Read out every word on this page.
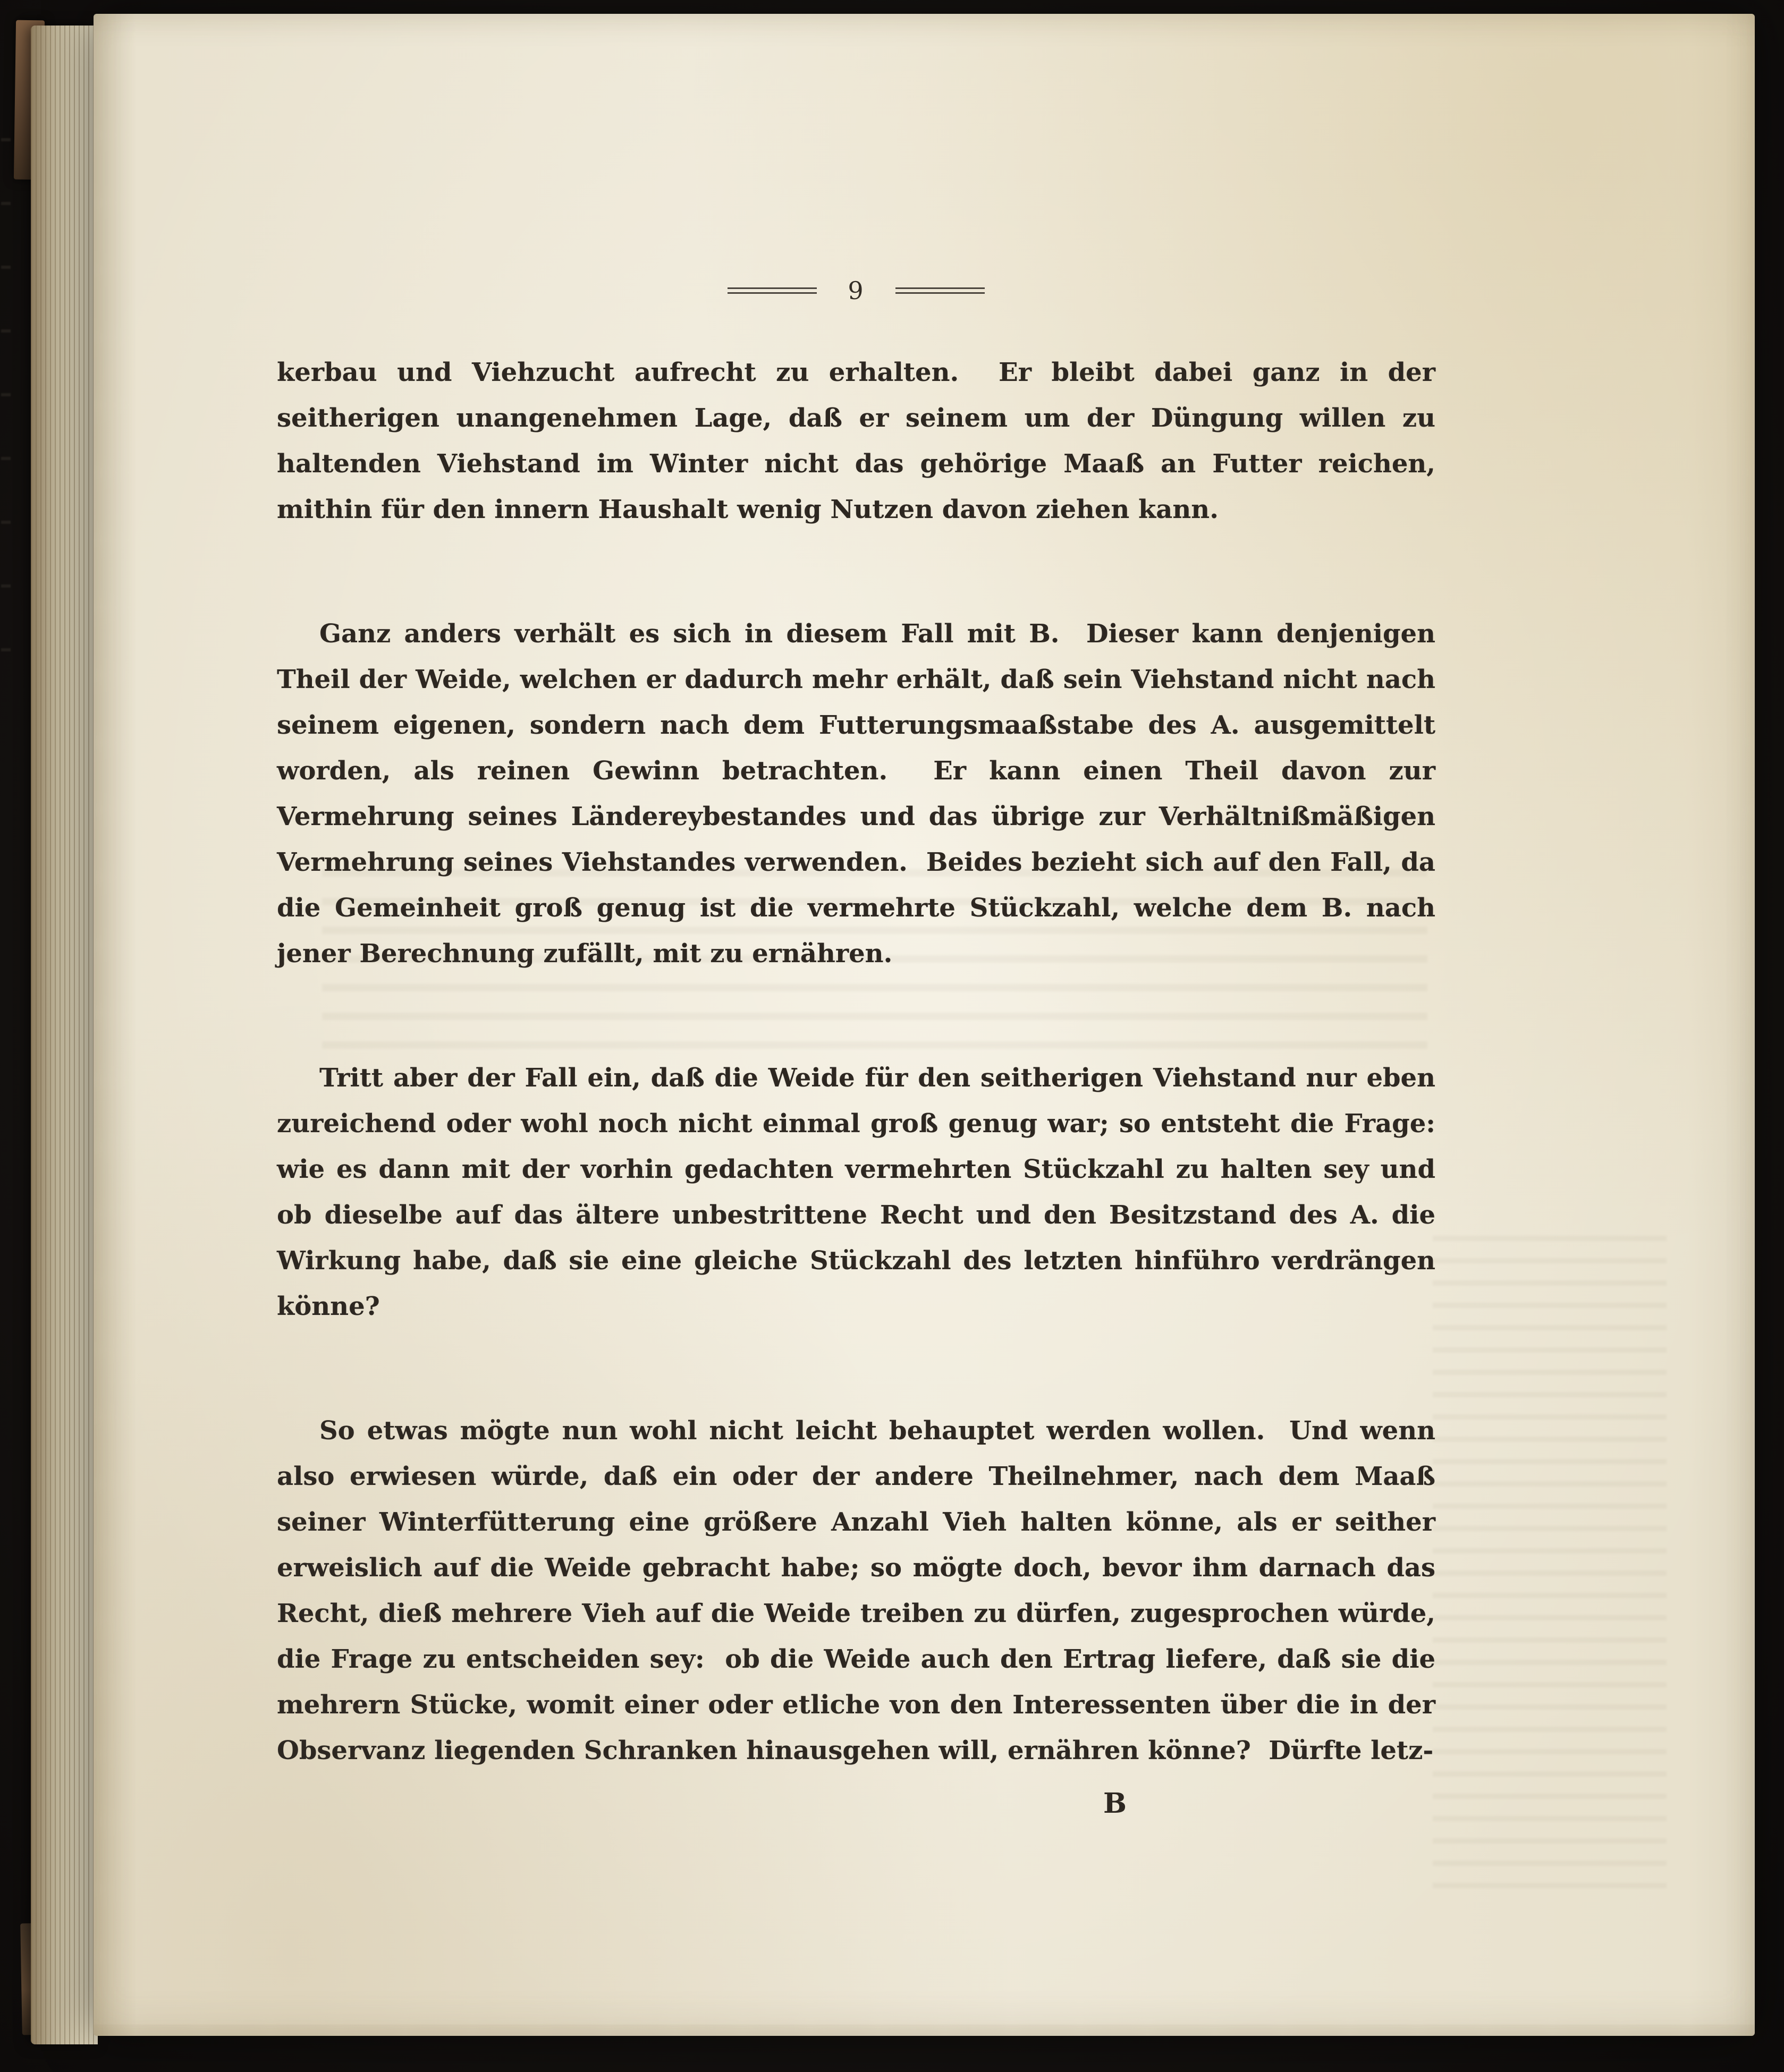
9

kerbau und Viehzucht aufrecht zu erhalten.  Er bleibt dabei ganz in der seitherigen unangenehmen Lage, daß er seinem um der Düngung willen zu haltenden Viehstand im Winter nicht das gehörige Maaß an Futter reichen, mithin für den innern Haushalt wenig Nutzen davon ziehen kann.

Ganz anders verhält es sich in diesem Fall mit B.  Dieser kann denjenigen Theil der Weide, welchen er dadurch mehr erhält, daß sein Viehstand nicht nach seinem eigenen, sondern nach dem Futterungsmaaßstabe des A. ausgemittelt worden, als reinen Gewinn betrachten.  Er kann einen Theil davon zur Vermehrung seines Ländereybestandes und das übrige zur Verhältnißmäßigen Vermehrung seines Viehstandes verwenden.  Beides bezieht sich auf den Fall, da die Gemeinheit groß genug ist die vermehrte Stückzahl, welche dem B. nach jener Berechnung zufällt, mit zu ernähren.

Tritt aber der Fall ein, daß die Weide für den seitherigen Viehstand nur eben zureichend oder wohl noch nicht einmal groß genug war; so entsteht die Frage:  wie es dann mit der vorhin gedachten vermehrten Stückzahl zu halten sey und ob dieselbe auf das ältere unbestrittene Recht und den Besitzstand des A. die Wirkung habe, daß sie eine gleiche Stückzahl des letzten hinführo verdrängen könne?

So etwas mögte nun wohl nicht leicht behauptet werden wollen.  Und wenn also erwiesen würde, daß ein oder der andere Theilnehmer, nach dem Maaß seiner Winterfütterung eine größere Anzahl Vieh halten könne, als er seither erweislich auf die Weide gebracht habe; so mögte doch, bevor ihm darnach das Recht, dieß mehrere Vieh auf die Weide treiben zu dürfen, zugesprochen würde, die Frage zu entscheiden sey:  ob die Weide auch den Ertrag liefere, daß sie die mehrern Stücke, womit einer oder etliche von den Interessenten über die in der Observanz liegenden Schranken hinausgehen will, ernähren könne?  Dürfte letz-

B
